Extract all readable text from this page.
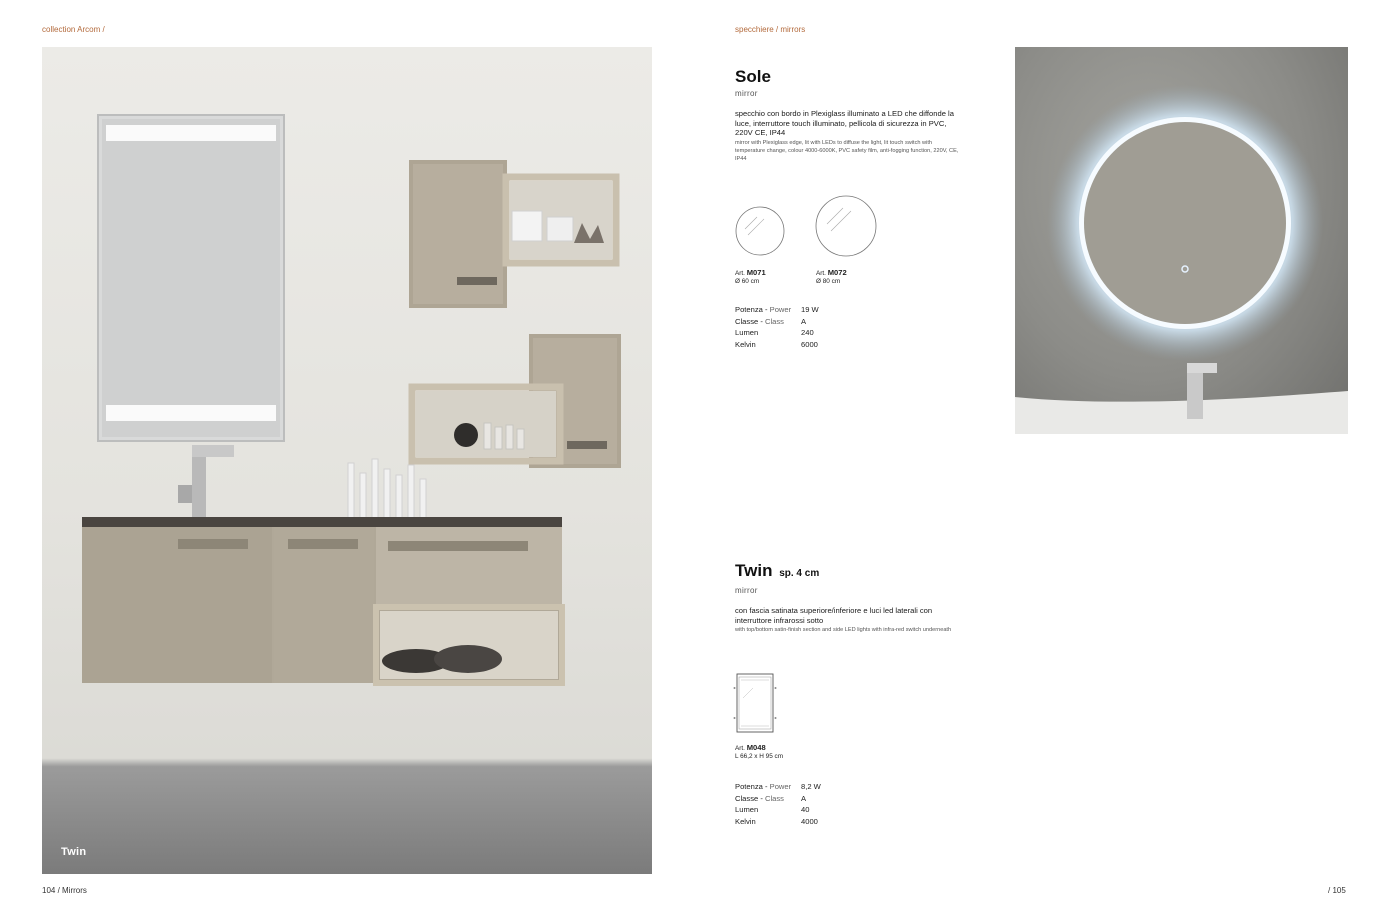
collection Arcom /	specchiere / mirrors
Twin
Sole
mirror
specchio con bordo in Plexiglass illuminato a LED che diffonde la luce, interruttore touch illuminato, pellicola di sicurezza in PVC, 220V CE, IP44
mirror with Plexiglass edge, lit with LEDs to diffuse the light, lit touch switch with temperature change, colour 4000-6000K, PVC safety film, anti-fogging function, 220V, CE, IP44
Art. M071
Ø 60 cm
Art. M072
Ø 80 cm
Potenza - Power	19 W
Classe - Class	A
Lumen	240
Kelvin	6000
Twin sp. 4 cm
mirror
con fascia satinata superiore/inferiore e luci led laterali con interruttore infrarossi sotto
with top/bottom satin-finish section and side LED lights with infra-red switch underneath
Art. M048
L 66,2 x H 95 cm
Potenza - Power	8,2 W
Classe - Class	A
Lumen	40
Kelvin	4000
104 / Mirrors	/ 105
